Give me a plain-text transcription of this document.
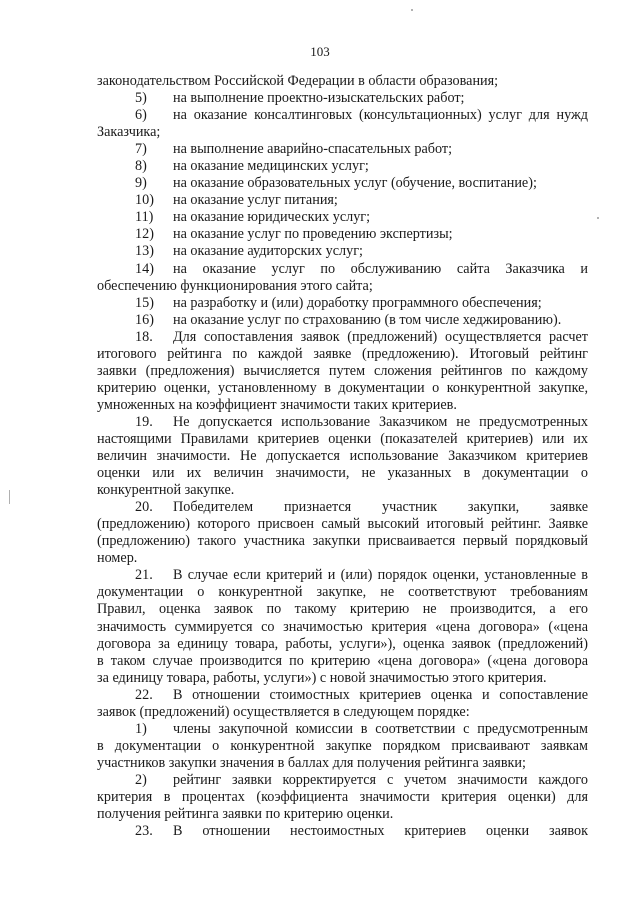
103
законодательством Российской Федерации в области образования;
5)	на выполнение проектно-изыскательских работ;
6)	на оказание консалтинговых (консультационных) услуг для нужд
Заказчика;
7)	на выполнение аварийно-спасательных работ;
8)	на оказание медицинских услуг;
9)	на оказание образовательных услуг (обучение, воспитание);
10)	на оказание услуг питания;
11)	на оказание юридических услуг;
12)	на оказание услуг по проведению экспертизы;
13)	на оказание аудиторских услуг;
14)	на оказание услуг по обслуживанию сайта Заказчика и
обеспечению функционирования этого сайта;
15)	на разработку и (или) доработку программного обеспечения;
16)	на оказание услуг по страхованию (в том числе хеджированию).
18.	Для сопоставления заявок (предложений) осуществляется расчет
итогового рейтинга по каждой заявке (предложению). Итоговый рейтинг
заявки (предложения) вычисляется путем сложения рейтингов по каждому
критерию оценки, установленному в документации о конкурентной закупке,
умноженных на коэффициент значимости таких критериев.
19.	Не допускается использование Заказчиком не предусмотренных
настоящими Правилами критериев оценки (показателей критериев) или их
величин значимости. Не допускается использование Заказчиком критериев
оценки или их величин значимости, не указанных в документации о
конкурентной закупке.
20.	Победителем признается участник закупки, заявке
(предложению) которого присвоен самый высокий итоговый рейтинг. Заявке
(предложению) такого участника закупки присваивается первый порядковый
номер.
21.	В случае если критерий и (или) порядок оценки, установленные в
документации о конкурентной закупке, не соответствуют требованиям
Правил, оценка заявок по такому критерию не производится, а его
значимость суммируется со значимостью критерия «цена договора» («цена
договора за единицу товара, работы, услуги»), оценка заявок (предложений)
в таком случае производится по критерию «цена договора» («цена договора
за единицу товара, работы, услуги») с новой значимостью этого критерия.
22.	В отношении стоимостных критериев оценка и сопоставление
заявок (предложений) осуществляется в следующем порядке:
1)	члены закупочной комиссии в соответствии с предусмотренным
в документации о конкурентной закупке порядком присваивают заявкам
участников закупки значения в баллах для получения рейтинга заявки;
2)	рейтинг заявки корректируется с учетом значимости каждого
критерия в процентах (коэффициента значимости критерия оценки) для
получения рейтинга заявки по критерию оценки.
23.	В отношении нестоимостных критериев оценки заявок
